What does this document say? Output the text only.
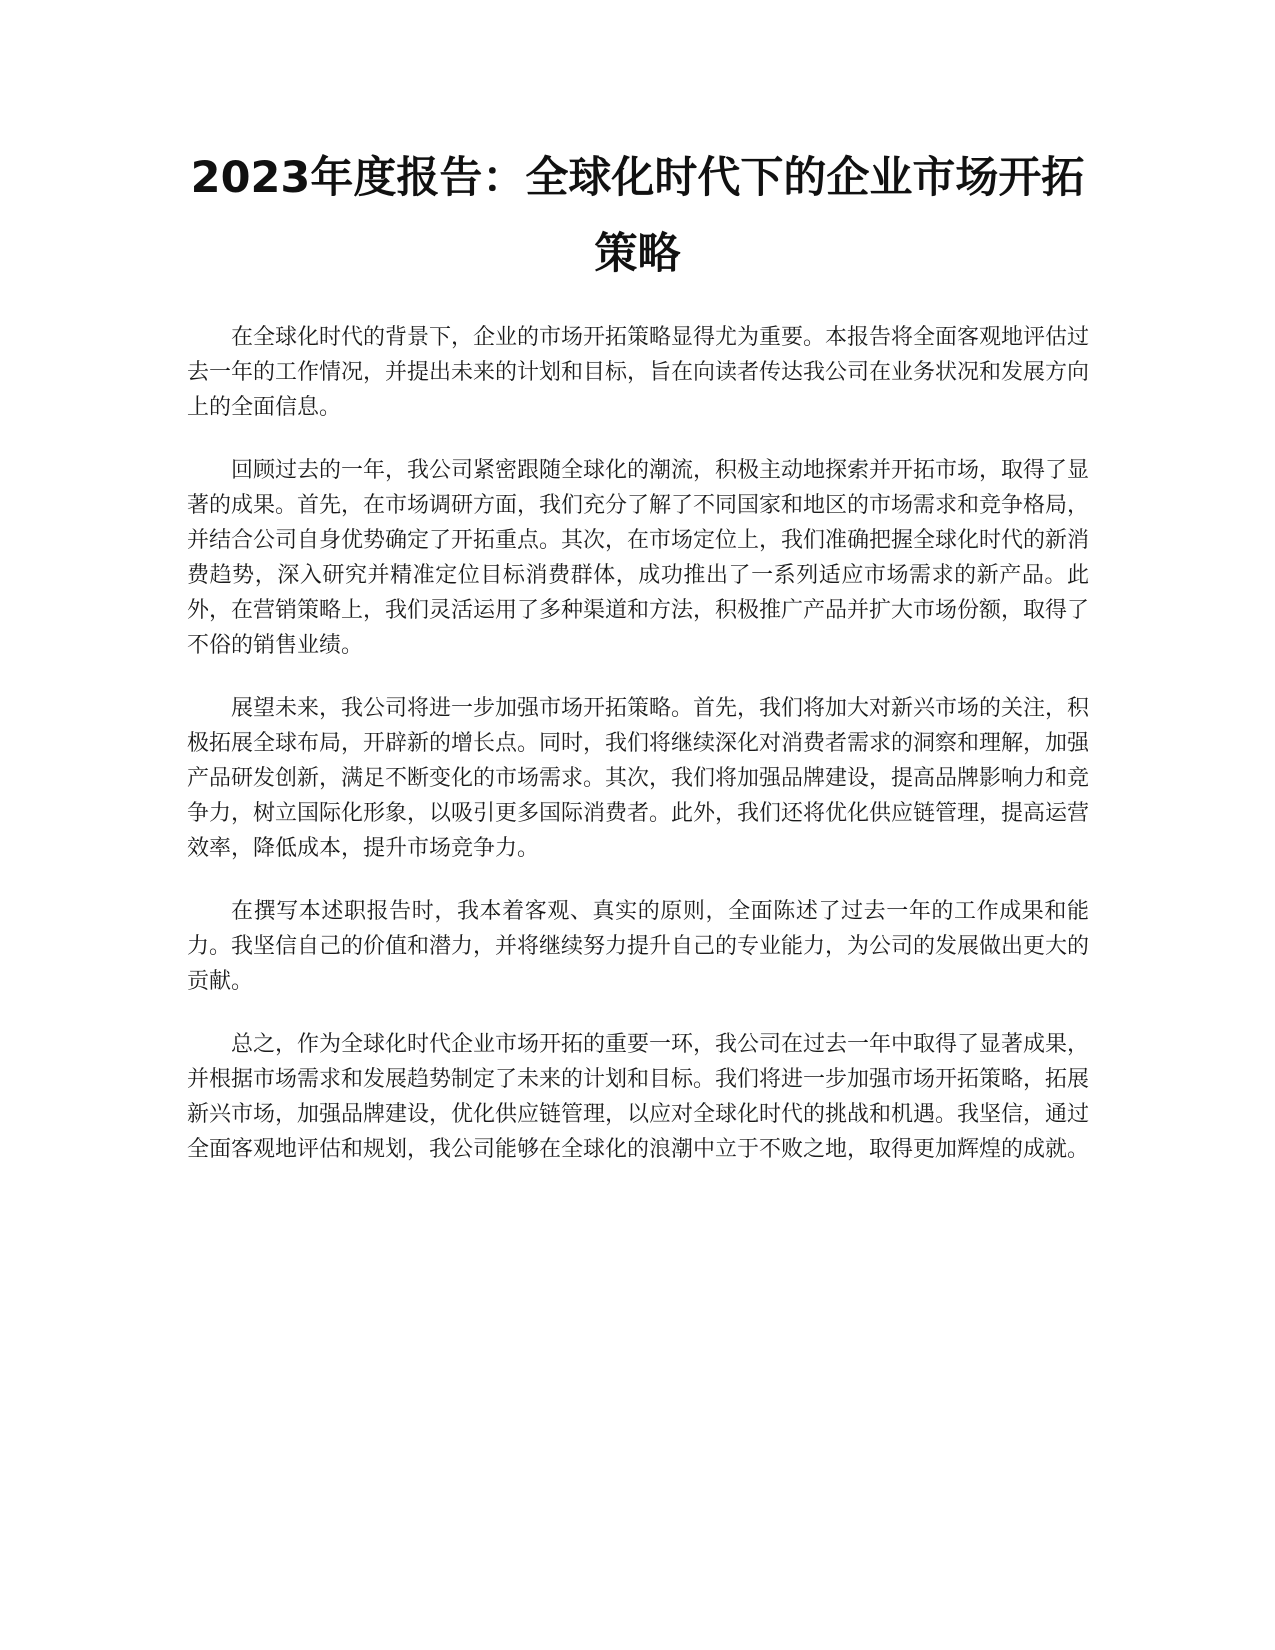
2023年度报告：全球化时代下的企业市场开拓策略

在全球化时代的背景下，企业的市场开拓策略显得尤为重要。本报告将全面客观地评估过去一年的工作情况，并提出未来的计划和目标，旨在向读者传达我公司在业务状况和发展方向上的全面信息。

回顾过去的一年，我公司紧密跟随全球化的潮流，积极主动地探索并开拓市场，取得了显著的成果。首先，在市场调研方面，我们充分了解了不同国家和地区的市场需求和竞争格局，并结合公司自身优势确定了开拓重点。其次，在市场定位上，我们准确把握全球化时代的新消费趋势，深入研究并精准定位目标消费群体，成功推出了一系列适应市场需求的新产品。此外，在营销策略上，我们灵活运用了多种渠道和方法，积极推广产品并扩大市场份额，取得了不俗的销售业绩。

展望未来，我公司将进一步加强市场开拓策略。首先，我们将加大对新兴市场的关注，积极拓展全球布局，开辟新的增长点。同时，我们将继续深化对消费者需求的洞察和理解，加强产品研发创新，满足不断变化的市场需求。其次，我们将加强品牌建设，提高品牌影响力和竞争力，树立国际化形象，以吸引更多国际消费者。此外，我们还将优化供应链管理，提高运营效率，降低成本，提升市场竞争力。

在撰写本述职报告时，我本着客观、真实的原则，全面陈述了过去一年的工作成果和能力。我坚信自己的价值和潜力，并将继续努力提升自己的专业能力，为公司的发展做出更大的贡献。

总之，作为全球化时代企业市场开拓的重要一环，我公司在过去一年中取得了显著成果，并根据市场需求和发展趋势制定了未来的计划和目标。我们将进一步加强市场开拓策略，拓展新兴市场，加强品牌建设，优化供应链管理，以应对全球化时代的挑战和机遇。我坚信，通过全面客观地评估和规划，我公司能够在全球化的浪潮中立于不败之地，取得更加辉煌的成就。
